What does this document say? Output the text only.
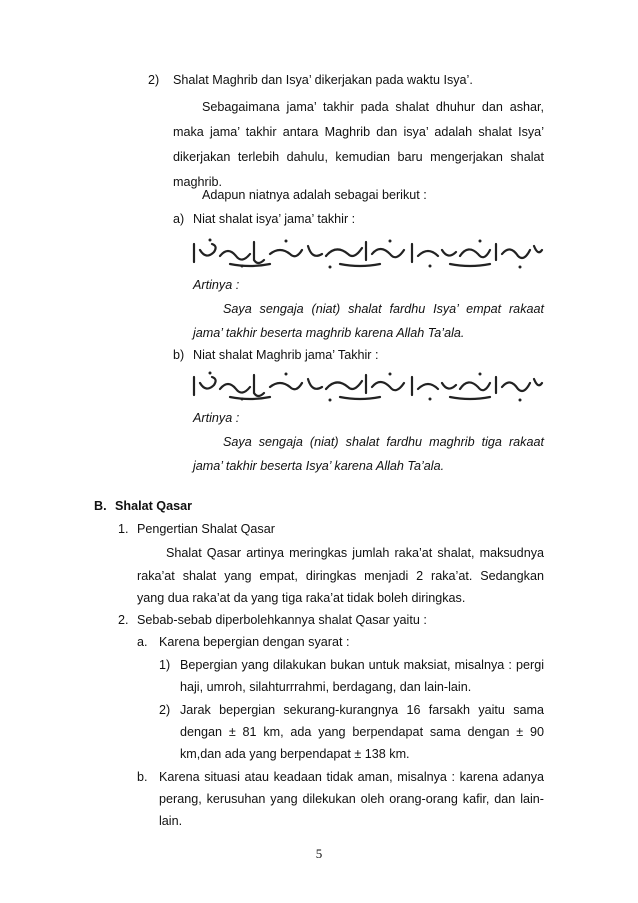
2) Shalat Maghrib dan Isya’ dikerjakan pada waktu Isya’.
Sebagaimana jama’ takhir pada shalat dhuhur dan ashar,
maka jama’ takhir antara Maghrib dan isya’ adalah shalat Isya’
dikerjakan terlebih dahulu, kemudian baru mengerjakan shalat
maghrib.
Adapun niatnya adalah sebagai berikut :
a) Niat shalat isya’ jama’ takhir :
Artinya :
Saya sengaja (niat) shalat fardhu Isya’ empat rakaat
jama’ takhir beserta maghrib karena Allah Ta’ala.
b) Niat shalat Maghrib jama’ Takhir :
Artinya :
Saya sengaja (niat) shalat fardhu maghrib tiga rakaat
jama’ takhir beserta Isya’ karena Allah Ta’ala.
B. Shalat Qasar
1. Pengertian Shalat Qasar
Shalat Qasar artinya meringkas jumlah raka’at shalat, maksudnya
raka’at shalat yang empat, diringkas menjadi 2 raka’at. Sedangkan
yang dua raka’at da yang tiga raka’at tidak boleh diringkas.
2. Sebab-sebab diperbolehkannya shalat Qasar yaitu :
a. Karena bepergian dengan syarat :
1) Bepergian yang dilakukan bukan untuk maksiat, misalnya : pergi
haji, umroh, silahturrrahmi, berdagang, dan lain-lain.
2) Jarak bepergian sekurang-kurangnya 16 farsakh yaitu sama
dengan ± 81 km, ada yang berpendapat sama dengan ± 90
km,dan ada yang berpendapat ± 138 km.
b. Karena situasi atau keadaan tidak aman, misalnya : karena adanya
perang, kerusuhan yang dilekukan oleh orang-orang kafir, dan lain-
lain.
5
